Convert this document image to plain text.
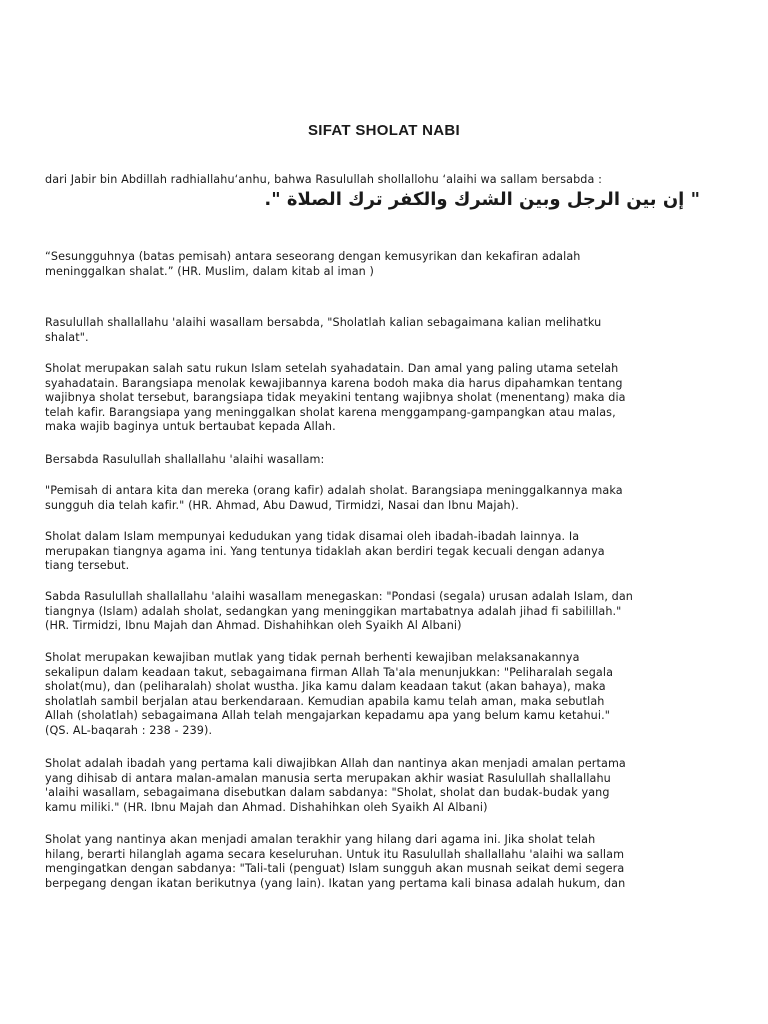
SIFAT SHOLAT NABI

dari Jabir bin Abdillah radhiallahu‘anhu, bahwa Rasulullah shollallohu ‘alaihi wa sallam bersabda :

" إن بين الرجل وبين الشرك والكفر ترك الصلاة ".

“Sesungguhnya (batas pemisah) antara seseorang dengan kemusyrikan dan kekafiran adalah
meninggalkan shalat.” (HR. Muslim, dalam kitab al iman )

Rasulullah shallallahu 'alaihi wasallam bersabda, "Sholatlah kalian sebagaimana kalian melihatku
shalat".

Sholat merupakan salah satu rukun Islam setelah syahadatain. Dan amal yang paling utama setelah
syahadatain. Barangsiapa menolak kewajibannya karena bodoh maka dia harus dipahamkan tentang
wajibnya sholat tersebut, barangsiapa tidak meyakini tentang wajibnya sholat (menentang) maka dia
telah kafir. Barangsiapa yang meninggalkan sholat karena menggampang-gampangkan atau malas,
maka wajib baginya untuk bertaubat kepada Allah.

Bersabda Rasulullah shallallahu 'alaihi wasallam:

"Pemisah di antara kita dan mereka (orang kafir) adalah sholat. Barangsiapa meninggalkannya maka
sungguh dia telah kafir." (HR. Ahmad, Abu Dawud, Tirmidzi, Nasai dan Ibnu Majah).

Sholat dalam Islam mempunyai kedudukan yang tidak disamai oleh ibadah-ibadah lainnya. Ia
merupakan tiangnya agama ini. Yang tentunya tidaklah akan berdiri tegak kecuali dengan adanya
tiang tersebut.

Sabda Rasulullah shallallahu 'alaihi wasallam menegaskan: "Pondasi (segala) urusan adalah Islam, dan
tiangnya (Islam) adalah sholat, sedangkan yang meninggikan martabatnya adalah jihad fi sabilillah."
(HR. Tirmidzi, Ibnu Majah dan Ahmad. Dishahihkan oleh Syaikh Al Albani)

Sholat merupakan kewajiban mutlak yang tidak pernah berhenti kewajiban melaksanakannya
sekalipun dalam keadaan takut, sebagaimana firman Allah Ta'ala menunjukkan: "Peliharalah segala
sholat(mu), dan (peliharalah) sholat wustha. Jika kamu dalam keadaan takut (akan bahaya), maka
sholatlah sambil berjalan atau berkendaraan. Kemudian apabila kamu telah aman, maka sebutlah
Allah (sholatlah) sebagaimana Allah telah mengajarkan kepadamu apa yang belum kamu ketahui."
(QS. AL-baqarah : 238 - 239).

Sholat adalah ibadah yang pertama kali diwajibkan Allah dan nantinya akan menjadi amalan pertama
yang dihisab di antara malan-amalan manusia serta merupakan akhir wasiat Rasulullah shallallahu
'alaihi wasallam, sebagaimana disebutkan dalam sabdanya: "Sholat, sholat dan budak-budak yang
kamu miliki." (HR. Ibnu Majah dan Ahmad. Dishahihkan oleh Syaikh Al Albani)

Sholat yang nantinya akan menjadi amalan terakhir yang hilang dari agama ini. Jika sholat telah
hilang, berarti hilanglah agama secara keseluruhan. Untuk itu Rasulullah shallallahu 'alaihi wa sallam
mengingatkan dengan sabdanya: "Tali-tali (penguat) Islam sungguh akan musnah seikat demi segera
berpegang dengan ikatan berikutnya (yang lain). Ikatan yang pertama kali binasa adalah hukum, dan
